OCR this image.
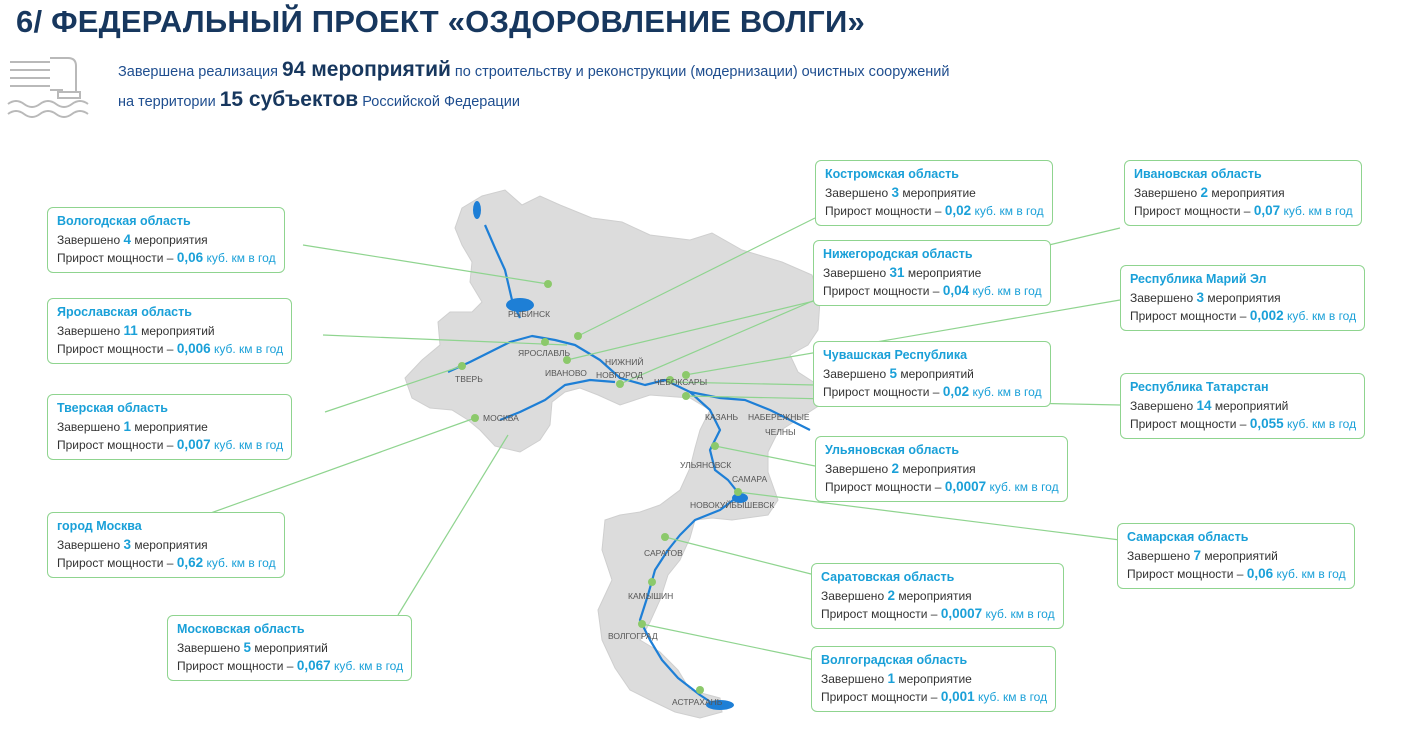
6/ ФЕДЕРАЛЬНЫЙ ПРОЕКТ «ОЗДОРОВЛЕНИЕ ВОЛГИ»
Завершена реализация 94 мероприятий по строительству и реконструкции (модернизации) очистных сооружений
на территории 15 субъектов Российской Федерации
РЫБИНСК
ЯРОСЛАВЛЬ
ТВЕРЬ
ИВАНОВО
НИЖНИЙ
НОВГОРОД
ЧЕБОКСАРЫ
МОСКВА	КАЗАНЬ НАБЕРЕЖНЫЕ
ЧЕЛНЫ
УЛЬЯНОВСК
САМАРА
НОВОКУЙБЫШЕВСК
САРАТОВ
КАМЫШИН
ВОЛГОГРАД
АСТРАХАНЬ
Вологодская область
Завершено 4 мероприятия
Прирост мощности – 0,06 куб. км в год
Ярославская область
Завершено 11 мероприятий
Прирост мощности – 0,006 куб. км в год
Тверская область
Завершено 1 мероприятие
Прирост мощности – 0,007 куб. км в год
город Москва
Завершено 3 мероприятия
Прирост мощности – 0,62 куб. км в год
Московская область
Завершено 5 мероприятий
Прирост мощности – 0,067 куб. км в год
Костромская область
Завершено 3 мероприятие
Прирост мощности – 0,02 куб. км в год
Нижегородская область
Завершено 31 мероприятие
Прирост мощности – 0,04 куб. км в год
Чувашская Республика
Завершено 5 мероприятий
Прирост мощности – 0,02 куб. км в год
Ульяновская область
Завершено 2 мероприятия
Прирост мощности – 0,0007 куб. км в год
Саратовская область
Завершено 2 мероприятия
Прирост мощности – 0,0007 куб. км в год
Волгоградская область
Завершено 1 мероприятие
Прирост мощности – 0,001 куб. км в год
Ивановская область
Завершено 2 мероприятия
Прирост мощности – 0,07 куб. км в год
Республика Марий Эл
Завершено 3 мероприятия
Прирост мощности – 0,002 куб. км в год
Республика Татарстан
Завершено 14 мероприятий
Прирост мощности – 0,055 куб. км в год
Самарская область
Завершено 7 мероприятий
Прирост мощности – 0,06 куб. км в год
